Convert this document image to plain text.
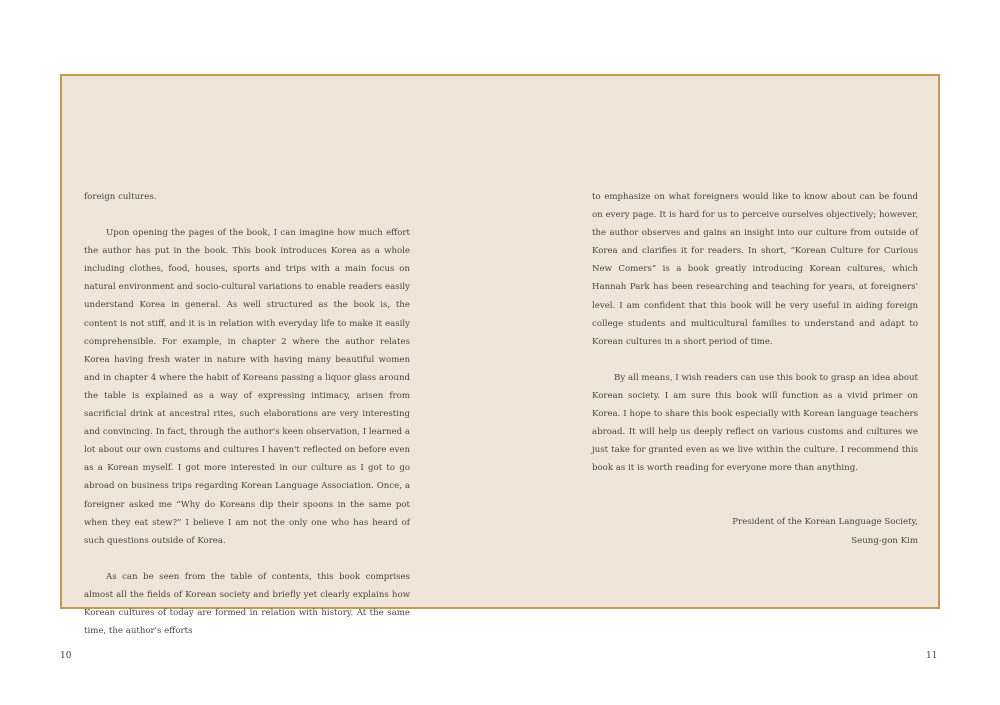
foreign cultures.

Upon opening the pages of the book, I can imagine how much effort the author has put in the book. This book introduces Korea as a whole including clothes, food, houses, sports and trips with a main focus on natural environment and socio-cultural variations to enable readers easily understand Korea in general. As well structured as the book is, the content is not stiff, and it is in relation with everyday life to make it easily comprehensible. For example, in chapter 2 where the author relates Korea having fresh water in nature with having many beautiful women and in chapter 4 where the habit of Koreans passing a liquor glass around the table is explained as a way of expressing intimacy, arisen from sacrificial drink at ancestral rites, such elaborations are very interesting and convincing. In fact, through the author's keen observation, I learned a lot about our own customs and cultures I haven't reflected on before even as a Korean myself. I got more interested in our culture as I got to go abroad on business trips regarding Korean Language Association. Once, a foreigner asked me “Why do Koreans dip their spoons in the same pot when they eat stew?” I believe I am not the only one who has heard of such questions outside of Korea.

As can be seen from the table of contents, this book comprises almost all the fields of Korean society and briefly yet clearly explains how Korean cultures of today are formed in relation with history. At the same time, the author's efforts

to emphasize on what foreigners would like to know about can be found on every page. It is hard for us to perceive ourselves objectively; however, the author observes and gains an insight into our culture from outside of Korea and clarifies it for readers. In short, “Korean Culture for Curious New Comers” is a book greatly introducing Korean cultures, which Hannah Park has been researching and teaching for years, at foreigners' level. I am confident that this book will be very useful in aiding foreign college students and multicultural families to understand and adapt to Korean cultures in a short period of time.

By all means, I wish readers can use this book to grasp an idea about Korean society. I am sure this book will function as a vivid primer on Korea. I hope to share this book especially with Korean language teachers abroad. It will help us deeply reflect on various customs and cultures we just take for granted even as we live within the culture. I recommend this book as it is worth reading for everyone more than anything.

President of the Korean Language Society,

Seung-gon Kim

10	11
